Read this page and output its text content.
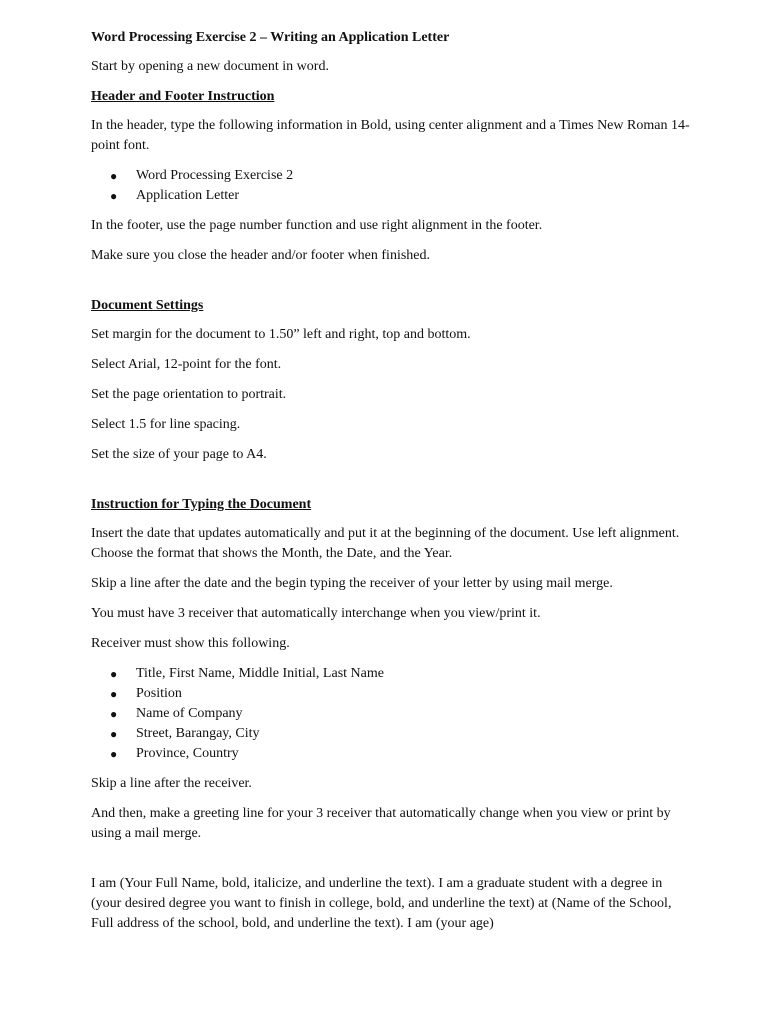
Word Processing Exercise 2 – Writing an Application Letter

Start by opening a new document in word.

Header and Footer Instruction

In the header, type the following information in Bold, using center alignment and a Times New Roman 14-point font.

● Word Processing Exercise 2
● Application Letter

In the footer, use the page number function and use right alignment in the footer.

Make sure you close the header and/or footer when finished.

Document Settings

Set margin for the document to 1.50” left and right, top and bottom.

Select Arial, 12-point for the font.

Set the page orientation to portrait.

Select 1.5 for line spacing.

Set the size of your page to A4.

Instruction for Typing the Document

Insert the date that updates automatically and put it at the beginning of the document. Use left alignment. Choose the format that shows the Month, the Date, and the Year.

Skip a line after the date and the begin typing the receiver of your letter by using mail merge.

You must have 3 receiver that automatically interchange when you view/print it.

Receiver must show this following.

● Title, First Name, Middle Initial, Last Name
● Position
● Name of Company
● Street, Barangay, City
● Province, Country

Skip a line after the receiver.

And then, make a greeting line for your 3 receiver that automatically change when you view or print by using a mail merge.

I am (Your Full Name, bold, italicize, and underline the text). I am a graduate student with a degree in (your desired degree you want to finish in college, bold, and underline the text) at (Name of the School, Full address of the school, bold, and underline the text). I am (your age)
